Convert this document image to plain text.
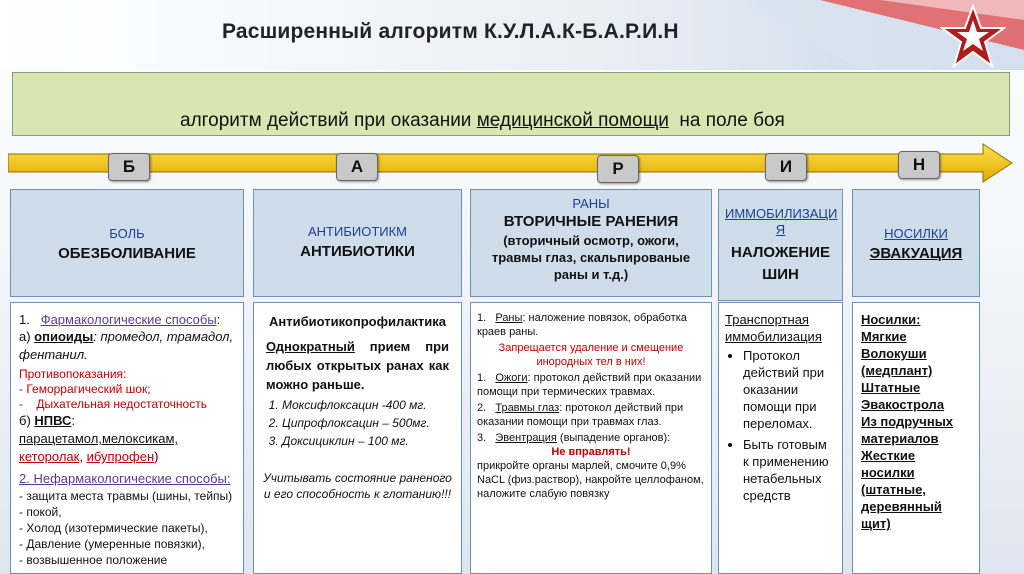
Расширенный алгоритм К.У.Л.А.К-Б.А.Р.И.Н
алгоритм действий при оказании медицинской помощи  на поле боя
Б	А	Р	И	Н
БОЛЬ
ОБЕЗБОЛИВАНИЕ
АНТИБИОТИКМ
АНТИБИОТИКИ
РАНЫ
ВТОРИЧНЫЕ РАНЕНИЯ
(вторичный осмотр, ожоги, травмы глаз, скальпированые раны и т.д.)
ИММОБИЛИЗАЦИ Я
НАЛОЖЕНИЕ ШИН
НОСИЛКИ
ЭВАКУАЦИЯ
1.   Фармакологические способы:
а) опиоиды: промедол, трамадол, фентанил.
Противопоказания:
- Геморрагический шок;
-    Дыхательная недостаточность
б) НПВС: парацетамол,мелоксикам,
кеторолак, ибупрофен)
2. Нефармакологические способы:
- защита места травмы (шины, тейпы)
- покой,
- Холод (изотермические пакеты),
- Давление (умеренные повязки),
- возвышенное положение
Антибиотикопрофилактика
Однократный прием при любых открытых ранах как можно раньше.
1. Моксифлоксацин -400 мг.
2. Ципрофлоксацин – 500мг.
3. Доксициклин – 100 мг.
Учитывать состояние раненого и его способность к глотанию!!!
1.   Раны: наложение повязок, обработка краев раны.
Запрещается удаление и смещение инородных тел в них!
1.   Ожоги: протокол действий при оказании помощи при термических травмах.
2.   Травмы глаз: протокол действий при оказании помощи при травмах глаз.
3.   Эвентрация (выпадение органов):
Не вправлять!
прикройте органы марлей, смочите 0,9% NaCL (физ.раствор), накройте целлофаном, наложите слабую повязку
Транспортная иммобилизация
• Протокол действий при оказании помощи при переломах.
• Быть готовым к применению нетабельных средств
Носилки:
Мягкие
Волокуши (медплант)
Штатные
Эвакострола
Из подручных материалов
Жесткие носилки (штатные, деревянный щит)
